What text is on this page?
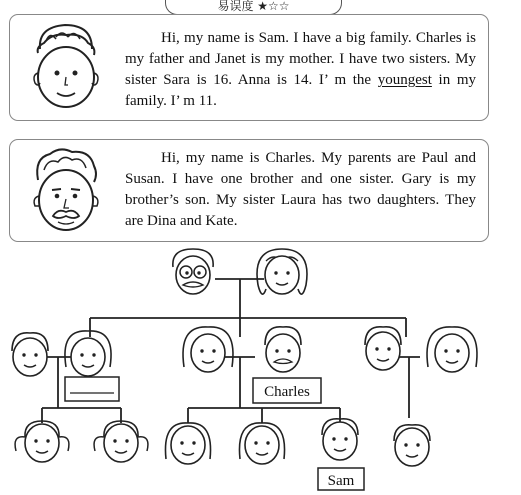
易误度 ★☆☆

Hi, my name is Sam. I have a big family. Charles is my father and Janet is my mother. I have two sisters. My sister Sara is 16. Anna is 14. I’ m the youngest in my family. I’ m 11.

Hi, my name is Charles. My parents are Paul and Susan. I have one brother and one sister. Gary is my brother’s son. My sister Laura has two daughters. They are Dina and Kate.

Charles
Sam
